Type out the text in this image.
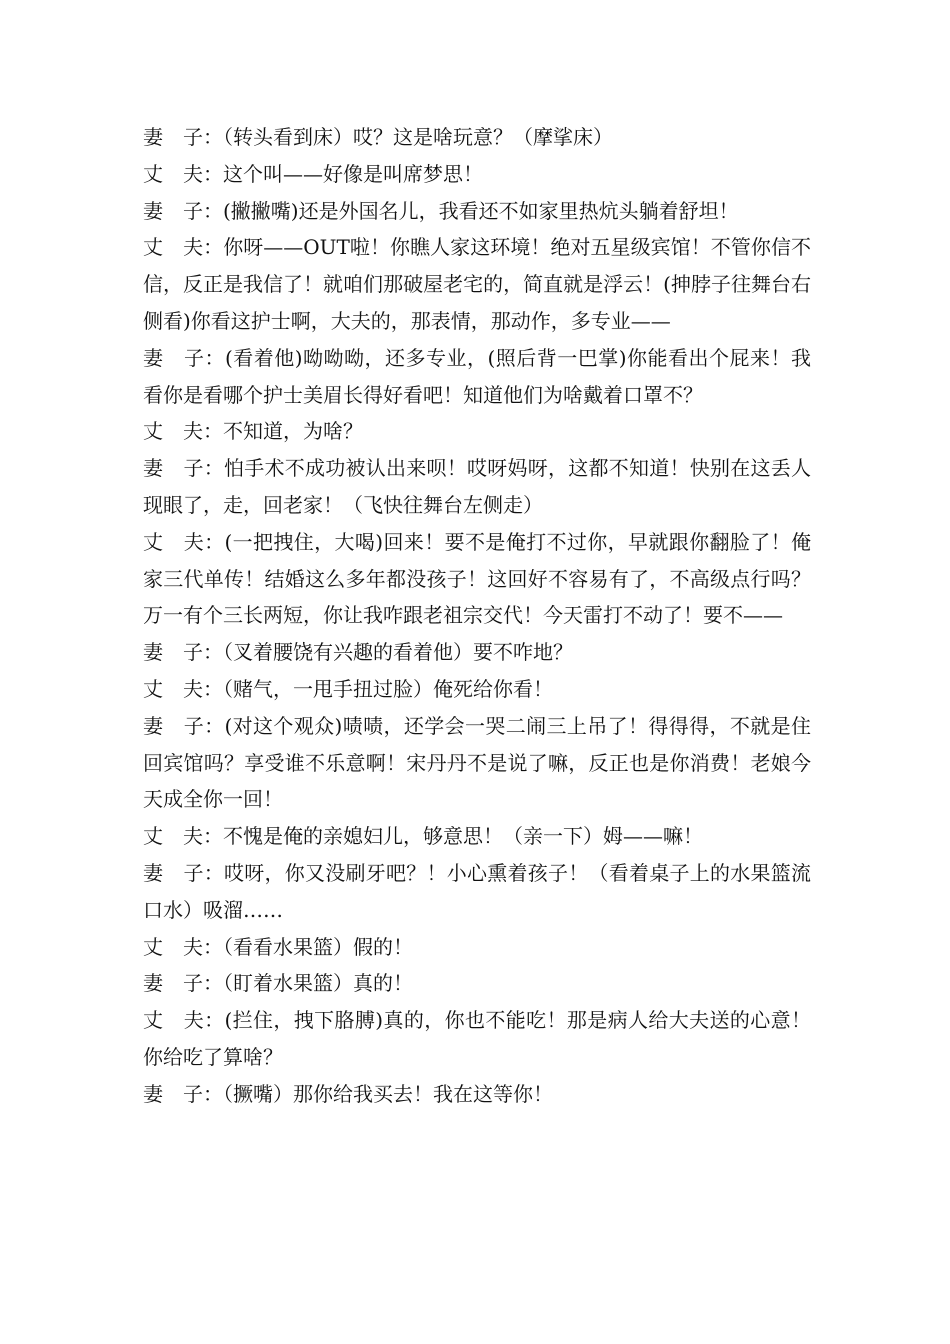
妻　子：（转头看到床）哎？这是啥玩意？（摩挲床）

丈　夫：这个叫——好像是叫席梦思！

妻　子：(撇撇嘴)还是外国名儿，我看还不如家里热炕头躺着舒坦！

丈　夫：你呀——OUT啦！你瞧人家这环境！绝对五星级宾馆！不管你信不信，反正是我信了！就咱们那破屋老宅的，简直就是浮云！(抻脖子往舞台右侧看)你看这护士啊，大夫的，那表情，那动作，多专业——

妻　子：(看着他)呦呦呦，还多专业，(照后背一巴掌)你能看出个屁来！我看你是看哪个护士美眉长得好看吧！知道他们为啥戴着口罩不？

丈　夫：不知道，为啥？

妻　子：怕手术不成功被认出来呗！哎呀妈呀，这都不知道！快别在这丢人现眼了，走，回老家！（飞快往舞台左侧走）

丈　夫：(一把拽住，大喝)回来！要不是俺打不过你，早就跟你翻脸了！俺家三代单传！结婚这么多年都没孩子！这回好不容易有了，不高级点行吗？万一有个三长两短，你让我咋跟老祖宗交代！今天雷打不动了！要不——

妻　子：（叉着腰饶有兴趣的看着他）要不咋地？

丈　夫：（赌气，一甩手扭过脸）俺死给你看！

妻　子：(对这个观众)啧啧，还学会一哭二闹三上吊了！得得得，不就是住回宾馆吗？享受谁不乐意啊！宋丹丹不是说了嘛，反正也是你消费！老娘今天成全你一回！

丈　夫：不愧是俺的亲媳妇儿，够意思！（亲一下）姆——嘛！

妻　子：哎呀，你又没刷牙吧？！小心熏着孩子！（看着桌子上的水果篮流口水）吸溜……

丈　夫：（看看水果篮）假的！

妻　子：（盯着水果篮）真的！

丈　夫：(拦住，拽下胳膊)真的，你也不能吃！那是病人给大夫送的心意！你给吃了算啥？

妻　子：（撅嘴）那你给我买去！我在这等你！
